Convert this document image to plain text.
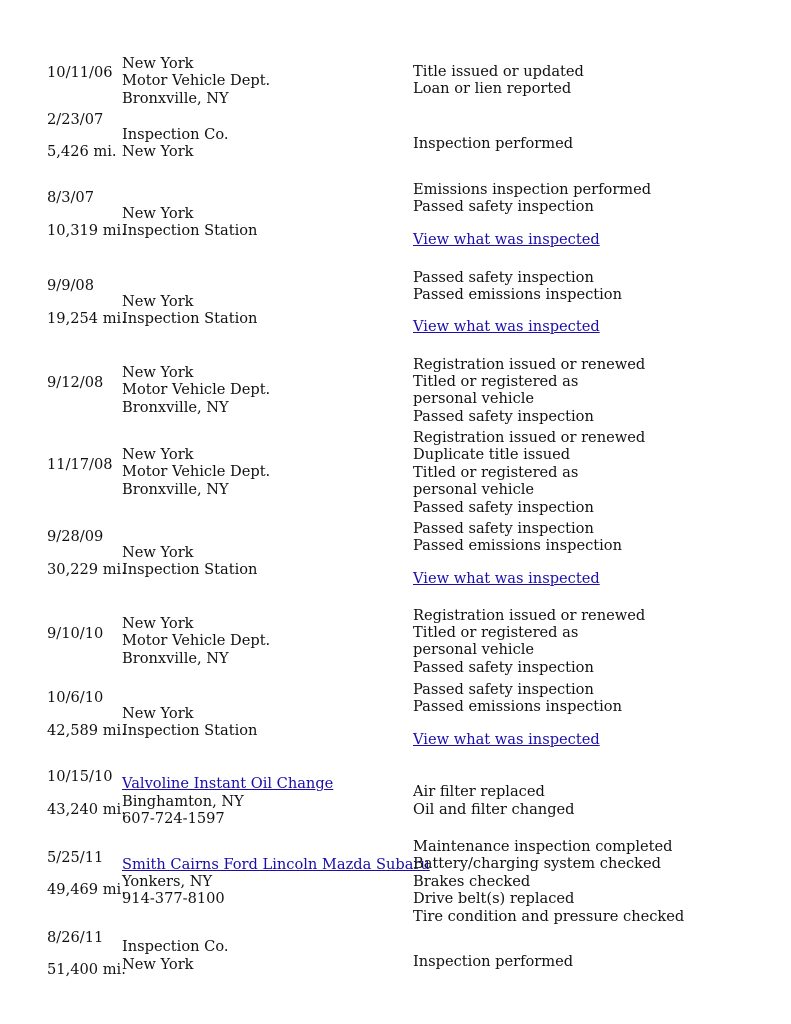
10/11/06
New York
Motor Vehicle Dept.
Bronxville, NY
Title issued or updated
Loan or lien reported
2/23/07
5,426 mi.
Inspection Co.
New York	Inspection performed
8/3/07
10,319 mi.
New York
Inspection Station
Emissions inspection performed
Passed safety inspection
View what was inspected
9/9/08
19,254 mi.
New York
Inspection Station
Passed safety inspection
Passed emissions inspection
View what was inspected
9/12/08
New York
Motor Vehicle Dept.
Bronxville, NY
Registration issued or renewed
Titled or registered as
personal vehicle
Passed safety inspection
11/17/08
New York
Motor Vehicle Dept.
Bronxville, NY
Registration issued or renewed
Duplicate title issued
Titled or registered as
personal vehicle
Passed safety inspection
9/28/09
30,229 mi.
New York
Inspection Station
Passed safety inspection
Passed emissions inspection
View what was inspected
9/10/10
New York
Motor Vehicle Dept.
Bronxville, NY
Registration issued or renewed
Titled or registered as
personal vehicle
Passed safety inspection
10/6/10
42,589 mi.
New York
Inspection Station
Passed safety inspection
Passed emissions inspection
View what was inspected
10/15/10
43,240 mi.
Valvoline Instant Oil Change
Binghamton, NY
607-724-1597
Air filter replaced
Oil and filter changed
5/25/11
49,469 mi.
Smith Cairns Ford Lincoln Mazda Subaru
Yonkers, NY
914-377-8100
Maintenance inspection completed
Battery/charging system checked
Brakes checked
Drive belt(s) replaced
Tire condition and pressure checked
8/26/11
51,400 mi.
Inspection Co.
New York	Inspection performed
